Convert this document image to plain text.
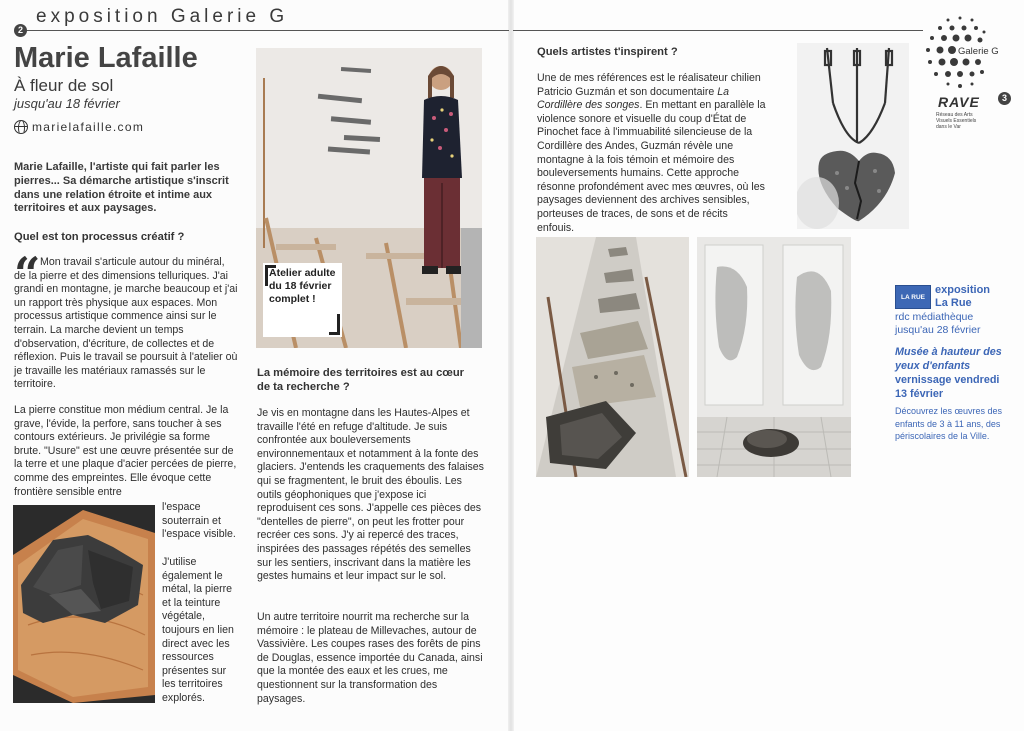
exposition Galerie G
2
3
Marie Lafaille
À fleur de sol
jusqu'au 18 février
marielafaille.com
Marie Lafaille, l'artiste qui fait parler les pierres... Sa démarche artistique s'inscrit dans une relation étroite et intime aux territoires et aux paysages.
Quel est ton processus créatif ?
“ Mon travail s'articule autour du minéral, de la pierre et des dimensions telluriques. J'ai grandi en montagne, je marche beaucoup et j'ai un rapport très physique aux espaces. Mon processus artistique commence ainsi sur le terrain. La marche devient un temps d'observation, d'écriture, de collectes et de réflexion. Puis le travail se poursuit à l'atelier où je travaille les matériaux ramassés sur le territoire.
La pierre constitue mon médium central. Je la grave, l'évide, la perfore, sans toucher à ses contours extérieurs. Je privilégie sa forme brute. "Usure" est une œuvre présentée sur de la terre et une plaque d'acier percées de pierre, comme des empreintes. Elle évoque cette frontière sensible entre
l'espace souterrain et l'espace visible.
J'utilise également le métal, la pierre et la teinture végétale, toujours en lien direct avec les ressources présentes sur les territoires explorés.
Atelier adulte du 18 février complet !
La mémoire des territoires est au cœur de ta recherche ?
Je vis en montagne dans les Hautes-Alpes et travaille l'été en refuge d'altitude. Je suis confrontée aux bouleversements environnementaux et notamment à la fonte des glaciers. J'entends les craquements des falaises qui se fragmentent, le bruit des éboulis. Les outils géophoniques que j'expose ici reproduisent ces sons. J'appelle ces pièces des "dentelles de pierre", on peut les frotter pour recréer ces sons. J'y ai repercé des traces, inspirées des passages répétés des semelles sur les sentiers, inscrivant dans la matière les gestes humains et leur impact sur le sol.
Un autre territoire nourrit ma recherche sur la mémoire : le plateau de Millevaches, autour de Vassivière. Les coupes rases des forêts de pins de Douglas, essence importée du Canada, ainsi que la montée des eaux et les crues, me questionnent sur la transformation des paysages.
Quels artistes t'inspirent ?
Une de mes références est le réalisateur chilien Patricio Guzmán et son documentaire La Cordillère des songes. En mettant en parallèle la violence sonore et visuelle du coup d'État de Pinochet face à l'immuabilité silencieuse de la Cordillère des Andes, Guzmán révèle une montagne à la fois témoin et mémoire des bouleversements humains. Cette approche résonne profondément avec mes œuvres, où les paysages deviennent des archives sensibles, porteuses de traces, de sons et de récits enfouis.
Galerie G
RAVE
Réseau des Arts Visuels Essentiels dans le Var
LA RUE
exposition
La Rue
rdc médiathèque
jusqu'au 28 février
Musée à hauteur des yeux d'enfants
vernissage vendredi 13 février
Découvrez les œuvres des enfants de 3 à 11 ans, des périscolaires de la Ville.
